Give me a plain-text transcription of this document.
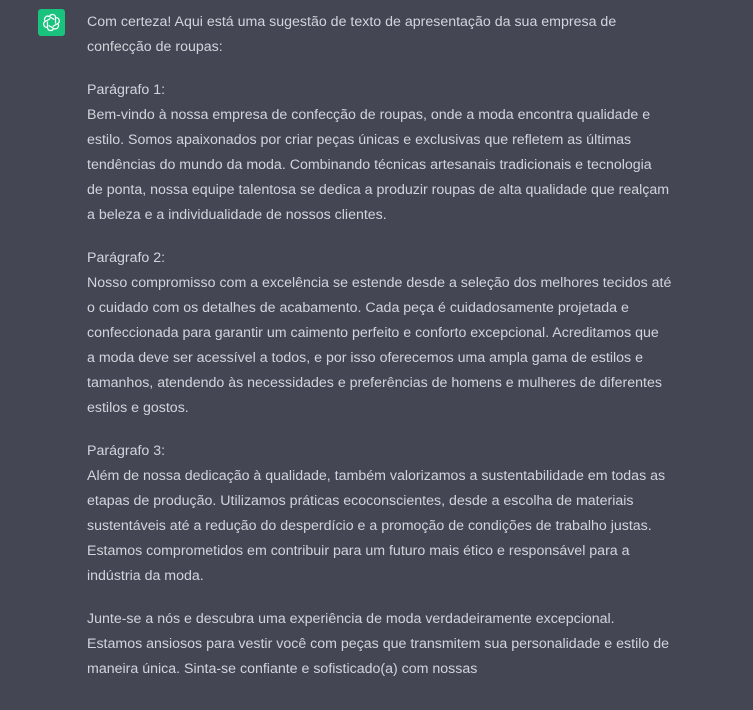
Com certeza! Aqui está uma sugestão de texto de apresentação da sua empresa de
confecção de roupas:

Parágrafo 1:
Bem-vindo à nossa empresa de confecção de roupas, onde a moda encontra qualidade e
estilo. Somos apaixonados por criar peças únicas e exclusivas que refletem as últimas
tendências do mundo da moda. Combinando técnicas artesanais tradicionais e tecnologia
de ponta, nossa equipe talentosa se dedica a produzir roupas de alta qualidade que realçam
a beleza e a individualidade de nossos clientes.

Parágrafo 2:
Nosso compromisso com a excelência se estende desde a seleção dos melhores tecidos até
o cuidado com os detalhes de acabamento. Cada peça é cuidadosamente projetada e
confeccionada para garantir um caimento perfeito e conforto excepcional. Acreditamos que
a moda deve ser acessível a todos, e por isso oferecemos uma ampla gama de estilos e
tamanhos, atendendo às necessidades e preferências de homens e mulheres de diferentes
estilos e gostos.

Parágrafo 3:
Além de nossa dedicação à qualidade, também valorizamos a sustentabilidade em todas as
etapas de produção. Utilizamos práticas ecoconscientes, desde a escolha de materiais
sustentáveis até a redução do desperdício e a promoção de condições de trabalho justas.
Estamos comprometidos em contribuir para um futuro mais ético e responsável para a
indústria da moda.

Junte-se a nós e descubra uma experiência de moda verdadeiramente excepcional.
Estamos ansiosos para vestir você com peças que transmitem sua personalidade e estilo de
maneira única. Sinta-se confiante e sofisticado(a) com nossas
